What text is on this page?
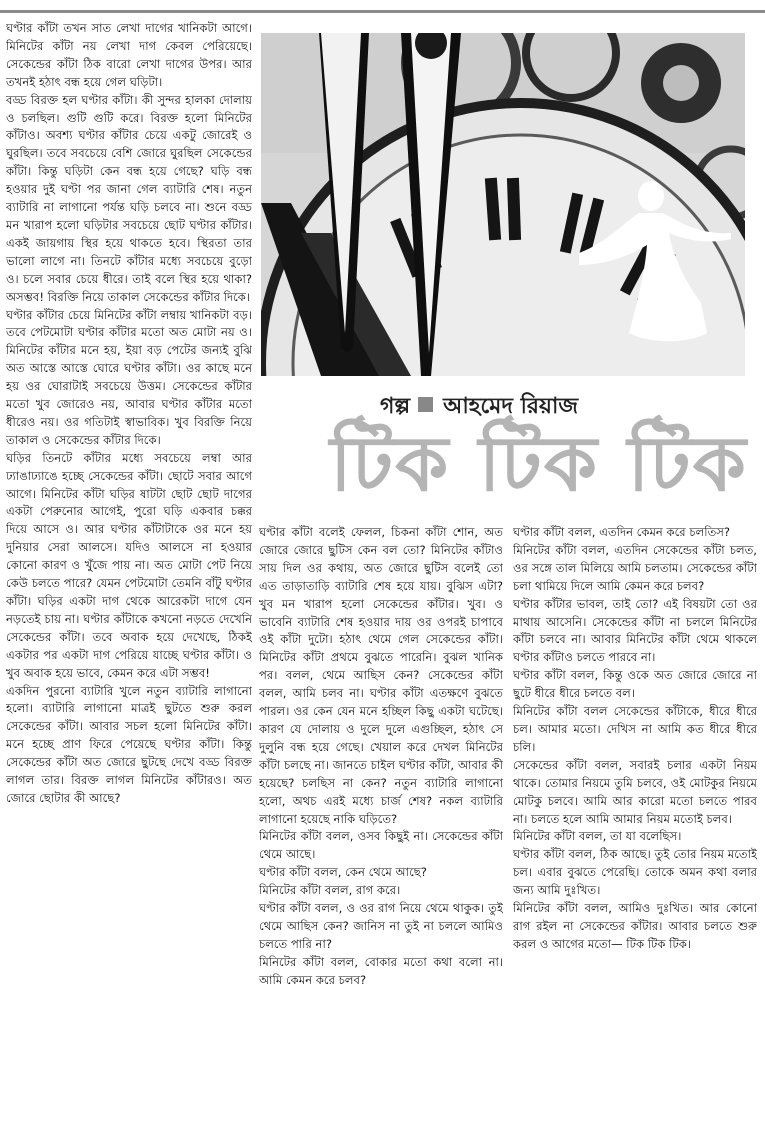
ঘণ্টার কাঁটা তখন সাত লেখা দাগের খানিকটা আগে। মিনিটের কাঁটা নয় লেখা দাগ কেবল পেরিয়েছে। সেকেন্ডের কাঁটা ঠিক বারো লেখা দাগের উপর। আর তখনই হঠাৎ বন্ধ হয়ে গেল ঘড়িটা।

বড্ড বিরক্ত হল ঘণ্টার কাঁটা। কী সুন্দর হালকা দোলায় ও চলছিল। গুটি গুটি করে। বিরক্ত হলো মিনিটের কাঁটাও। অবশ্য ঘণ্টার কাঁটার চেয়ে একটু জোরেই ও ঘুরছিল। তবে সবচেয়ে বেশি জোরে ঘুরছিল সেকেন্ডের কাঁটা। কিন্তু ঘড়িটা কেন বন্ধ হয়ে গেছে? ঘড়ি বন্ধ হওয়ার দুই ঘণ্টা পর জানা গেল ব্যাটারি শেষ। নতুন ব্যাটারি না লাগানো পর্যন্ত ঘড়ি চলবে না। শুনে বড্ড মন খারাপ হলো ঘড়িটার সবচেয়ে ছোট ঘণ্টার কাঁটার। একই জায়গায় স্থির হয়ে থাকতে হবে। স্থিরতা তার ভালো লাগে না। তিনটে কাঁটার মধ্যে সবচেয়ে বুড়ো ও। চলে সবার চেয়ে ধীরে। তাই বলে স্থির হয়ে থাকা? অসম্ভব! বিরক্তি নিয়ে তাকাল সেকেন্ডের কাঁটার দিকে।

ঘণ্টার কাঁটার চেয়ে মিনিটের কাঁটা লম্বায় খানিকটা বড়। তবে পেটমোটা ঘণ্টার কাঁটার মতো অত মোটা নয় ও। মিনিটের কাঁটার মনে হয়, ইয়া বড় পেটের জন্যই বুঝি অত আস্তে আস্তে ঘোরে ঘণ্টার কাঁটা। ওর কাছে মনে হয় ওর ঘোরাটাই সবচেয়ে উত্তম। সেকেন্ডের কাঁটার মতো খুব জোরেও নয়, আবার ঘণ্টার কাঁটার মতো ধীরেও নয়। ওর গতিটাই স্বাভাবিক। খুব বিরক্তি নিয়ে তাকাল ও সেকেন্ডের কাঁটার দিকে।

ঘড়ির তিনটে কাঁটার মধ্যে সবচেয়ে লম্বা আর ঢ্যাঙাঢ্যাঙে হচ্ছে সেকেন্ডের কাঁটা। ছোটে সবার আগে আগে। মিনিটের কাঁটা ঘড়ির ষাটটা ছোট ছোট দাগের একটা পেরুনোর আগেই, পুরো ঘড়ি একবার চক্কর দিয়ে আসে ও। আর ঘণ্টার কাঁটাটাকে ওর মনে হয় দুনিয়ার সেরা আলসে। যদিও আলসে না হওয়ার কোনো কারণ ও খুঁজে পায় না। অত মোটা পেট নিয়ে কেউ চলতে পারে? যেমন পেটমোটা তেমনি বাঁটু ঘণ্টার কাঁটা। ঘড়ির একটা দাগ থেকে আরেকটা দাগে যেন নড়তেই চায় না। ঘণ্টার কাঁটাকে কখনো নড়তে দেখেনি সেকেন্ডের কাঁটা। তবে অবাক হয়ে দেখেছে, ঠিকই একটার পর একটা দাগ পেরিয়ে যাচ্ছে ঘণ্টার কাঁটা। ও খুব অবাক হয়ে ভাবে, কেমন করে এটা সম্ভব!

একদিন পুরনো ব্যাটারি খুলে নতুন ব্যাটারি লাগানো হলো। ব্যাটারি লাগানো মাত্রই ছুটতে শুরু করল সেকেন্ডের কাঁটা। আবার সচল হলো মিনিটের কাঁটা। মনে হচ্ছে প্রাণ ফিরে পেয়েছে ঘণ্টার কাঁটা। কিন্তু সেকেন্ডের কাঁটা অত জোরে ছুটছে দেখে বড্ড বিরক্ত লাগল তার। বিরক্ত লাগল মিনিটের কাঁটারও। অত জোরে ছোটার কী আছে?

গল্প আহমেদ রিয়াজ
টিক টিক টিক

ঘণ্টার কাঁটা বলেই ফেলল, চিকনা কাঁটা শোন, অত জোরে জোরে ছুটিস কেন বল তো? মিনিটের কাঁটাও সায় দিল ওর কথায়, অত জোরে ছুটিস বলেই তো এত তাড়াতাড়ি ব্যাটারি শেষ হয়ে যায়। বুঝিস এটা? খুব মন খারাপ হলো সেকেন্ডের কাঁটার। খুব। ও ভাবেনি ব্যাটারি শেষ হওয়ার দায় ওর ওপরই চাপাবে ওই কাঁটা দুটো। হঠাৎ থেমে গেল সেকেন্ডের কাঁটা। মিনিটের কাঁটা প্রথমে বুঝতে পারেনি। বুঝল খানিক পর। বলল, থেমে আছিস কেন? সেকেন্ডের কাঁটা বলল, আমি চলব না। ঘণ্টার কাঁটা এতক্ষণে বুঝতে পারল। ওর কেন যেন মনে হচ্ছিল কিছু একটা ঘটেছে। কারণ যে দোলায় ও দুলে দুলে এগুচ্ছিল, হঠাৎ সে দুলুনি বন্ধ হয়ে গেছে। খেয়াল করে দেখল মিনিটের কাঁটা চলছে না। জানতে চাইল ঘণ্টার কাঁটা, আবার কী হয়েছে? চলছিস না কেন? নতুন ব্যাটারি লাগানো হলো, অথচ এরই মধ্যে চার্জ শেষ? নকল ব্যাটারি লাগানো হয়েছে নাকি ঘড়িতে?

মিনিটের কাঁটা বলল, ওসব কিছুই না। সেকেন্ডের কাঁটা থেমে আছে।

ঘণ্টার কাঁটা বলল, কেন থেমে আছে?

মিনিটের কাঁটা বলল, রাগ করে।

ঘণ্টার কাঁটা বলল, ও ওর রাগ নিয়ে থেমে থাকুক। তুই থেমে আছিস কেন? জানিস না তুই না চললে আমিও চলতে পারি না?

মিনিটের কাঁটা বলল, বোকার মতো কথা বলো না। আমি কেমন করে চলব?

ঘণ্টার কাঁটা বলল, এতদিন কেমন করে চলতিস?

মিনিটের কাঁটা বলল, এতদিন সেকেন্ডের কাঁটা চলত, ওর সঙ্গে তাল মিলিয়ে আমি চলতাম। সেকেন্ডের কাঁটা চলা থামিয়ে দিলে আমি কেমন করে চলব?

ঘণ্টার কাঁটার ভাবল, তাই তো? এই বিষয়টা তো ওর মাথায় আসেনি। সেকেন্ডের কাঁটা না চললে মিনিটের কাঁটা চলবে না। আবার মিনিটের কাঁটা থেমে থাকলে ঘণ্টার কাঁটাও চলতে পারবে না।

ঘণ্টার কাঁটা বলল, কিন্তু ওকে অত জোরে জোরে না ছুটে ধীরে ধীরে চলতে বল।

মিনিটের কাঁটা বলল সেকেন্ডের কাঁটাকে, ধীরে ধীরে চল। আমার মতো। দেখিস না আমি কত ধীরে ধীরে চলি।

সেকেন্ডের কাঁটা বলল, সবারই চলার একটা নিয়ম থাকে। তোমার নিয়মে তুমি চলবে, ওই মোটকুর নিয়মে মোটকু চলবে। আমি আর কারো মতো চলতে পারব না। চলতে হলে আমি আমার নিয়ম মতোই চলব।

মিনিটের কাঁটা বলল, তা যা বলেছিস।

ঘণ্টার কাঁটা বলল, ঠিক আছে। তুই তোর নিয়ম মতোই চল। এবার বুঝতে পেরেছি। তোকে অমন কথা বলার জন্য আমি দুঃখিত।

মিনিটের কাঁটা বলল, আমিও দুঃখিত। আর কোনো রাগ রইল না সেকেন্ডের কাঁটার। আবার চলতে শুরু করল ও আগের মতো— টিক টিক টিক।
